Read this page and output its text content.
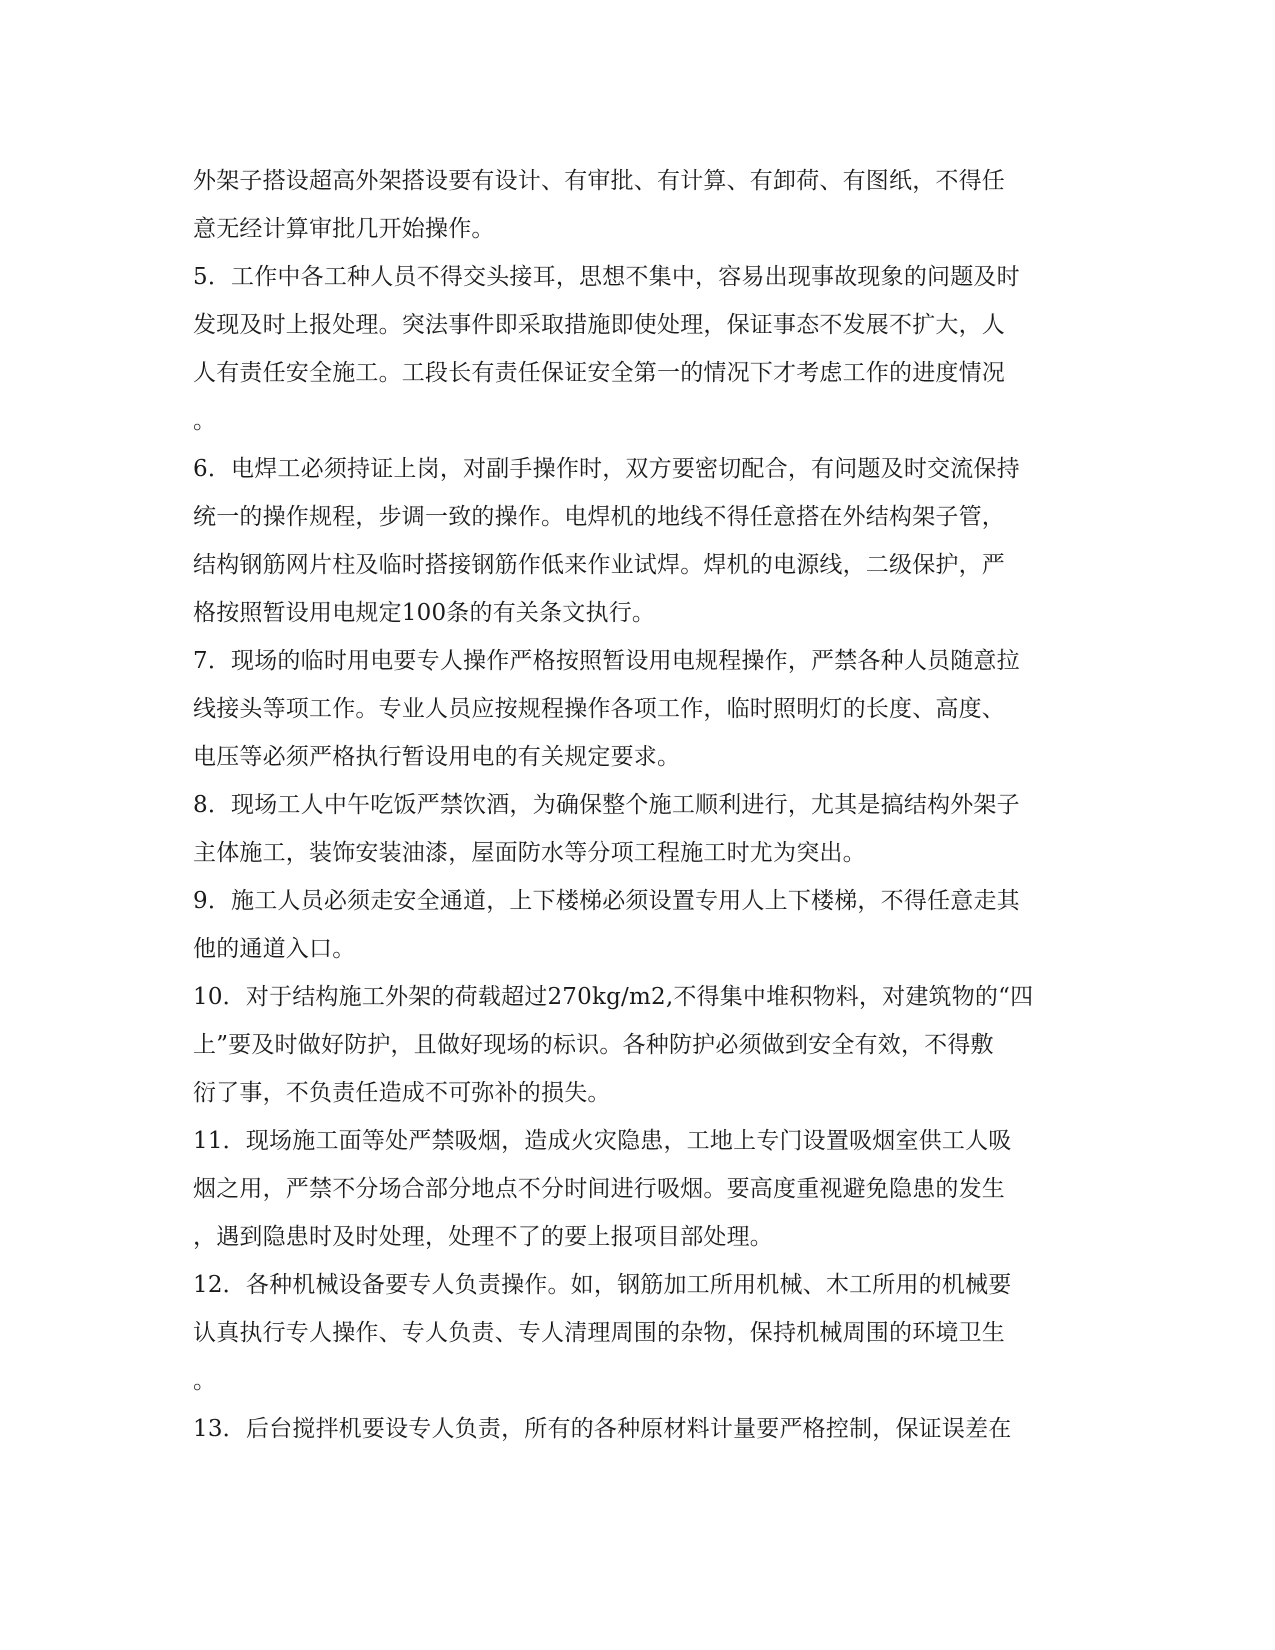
外架子搭设超高外架搭设要有设计、有审批、有计算、有卸荷、有图纸，不得任
意无经计算审批几开始操作。
5．工作中各工种人员不得交头接耳，思想不集中，容易出现事故现象的问题及时
发现及时上报处理。突法事件即采取措施即使处理，保证事态不发展不扩大，人
人有责任安全施工。工段长有责任保证安全第一的情况下才考虑工作的进度情况
。
6．电焊工必须持证上岗，对副手操作时，双方要密切配合，有问题及时交流保持
统一的操作规程，步调一致的操作。电焊机的地线不得任意搭在外结构架子管，
结构钢筋网片柱及临时搭接钢筋作低来作业试焊。焊机的电源线，二级保护，严
格按照暂设用电规定100条的有关条文执行。
7．现场的临时用电要专人操作严格按照暂设用电规程操作，严禁各种人员随意拉
线接头等项工作。专业人员应按规程操作各项工作，临时照明灯的长度、高度、
电压等必须严格执行暂设用电的有关规定要求。
8．现场工人中午吃饭严禁饮酒，为确保整个施工顺利进行，尤其是搞结构外架子
主体施工，装饰安装油漆，屋面防水等分项工程施工时尤为突出。
9．施工人员必须走安全通道，上下楼梯必须设置专用人上下楼梯，不得任意走其
他的通道入口。
10．对于结构施工外架的荷载超过270kg/m2,不得集中堆积物料，对建筑物的“四
上”要及时做好防护，且做好现场的标识。各种防护必须做到安全有效，不得敷
衍了事，不负责任造成不可弥补的损失。
11．现场施工面等处严禁吸烟，造成火灾隐患，工地上专门设置吸烟室供工人吸
烟之用，严禁不分场合部分地点不分时间进行吸烟。要高度重视避免隐患的发生
，遇到隐患时及时处理，处理不了的要上报项目部处理。
12．各种机械设备要专人负责操作。如，钢筋加工所用机械、木工所用的机械要
认真执行专人操作、专人负责、专人清理周围的杂物，保持机械周围的环境卫生
。
13．后台搅拌机要设专人负责，所有的各种原材料计量要严格控制，保证误差在
